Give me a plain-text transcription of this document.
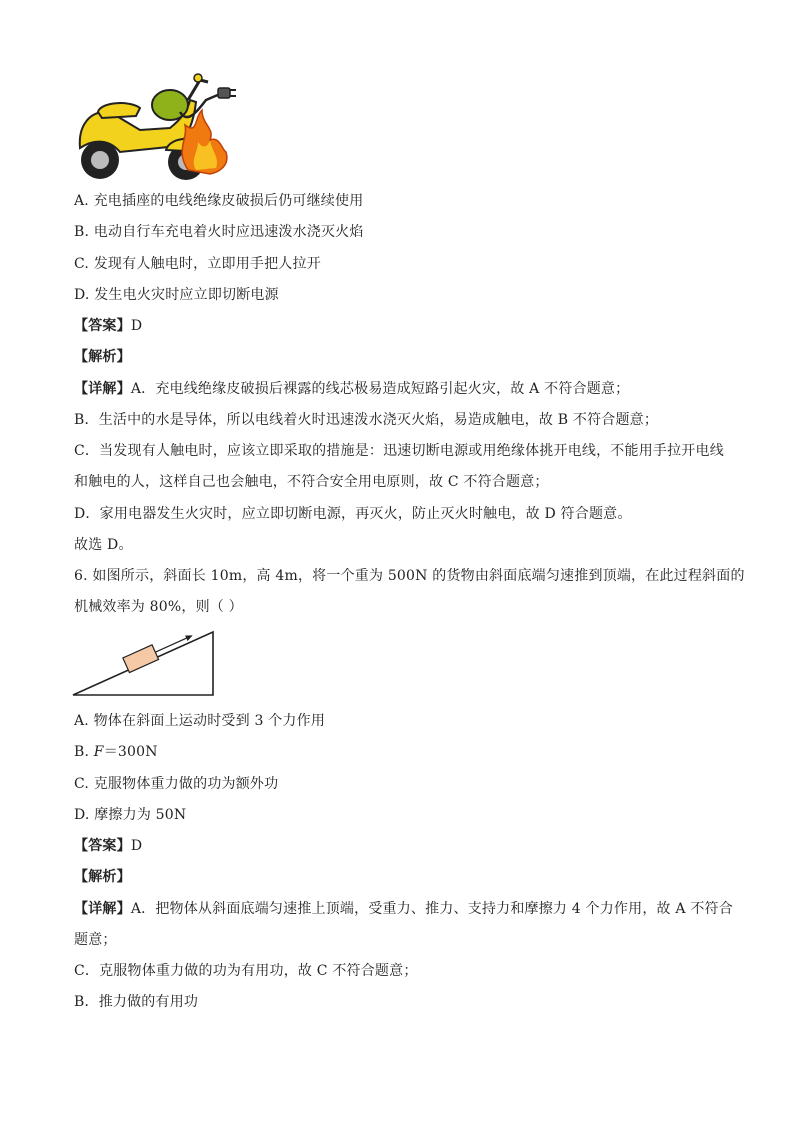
A. 充电插座的电线绝缘皮破损后仍可继续使用
B. 电动自行车充电着火时应迅速泼水浇灭火焰
C. 发现有人触电时，立即用手把人拉开
D. 发生电火灾时应立即切断电源
【答案】D
【解析】
【详解】A．充电线绝缘皮破损后裸露的线芯极易造成短路引起火灾，故 A 不符合题意；
B．生活中的水是导体，所以电线着火时迅速泼水浇灭火焰，易造成触电，故 B 不符合题意；
C．当发现有人触电时，应该立即采取的措施是：迅速切断电源或用绝缘体挑开电线，不能用手拉开电线
和触电的人，这样自己也会触电，不符合安全用电原则，故 C 不符合题意；
D．家用电器发生火灾时，应立即切断电源，再灭火，防止灭火时触电，故 D 符合题意。
故选 D。
6. 如图所示，斜面长 10m，高 4m，将一个重为 500N 的货物由斜面底端匀速推到顶端，在此过程斜面的
机械效率为 80%，则（ ）
A. 物体在斜面上运动时受到 3 个力作用
B. F＝300N
C. 克服物体重力做的功为额外功
D. 摩擦力为 50N
【答案】D
【解析】
【详解】A．把物体从斜面底端匀速推上顶端，受重力、推力、支持力和摩擦力 4 个力作用，故 A 不符合
题意；
C．克服物体重力做的功为有用功，故 C 不符合题意；
B．推力做的有用功
